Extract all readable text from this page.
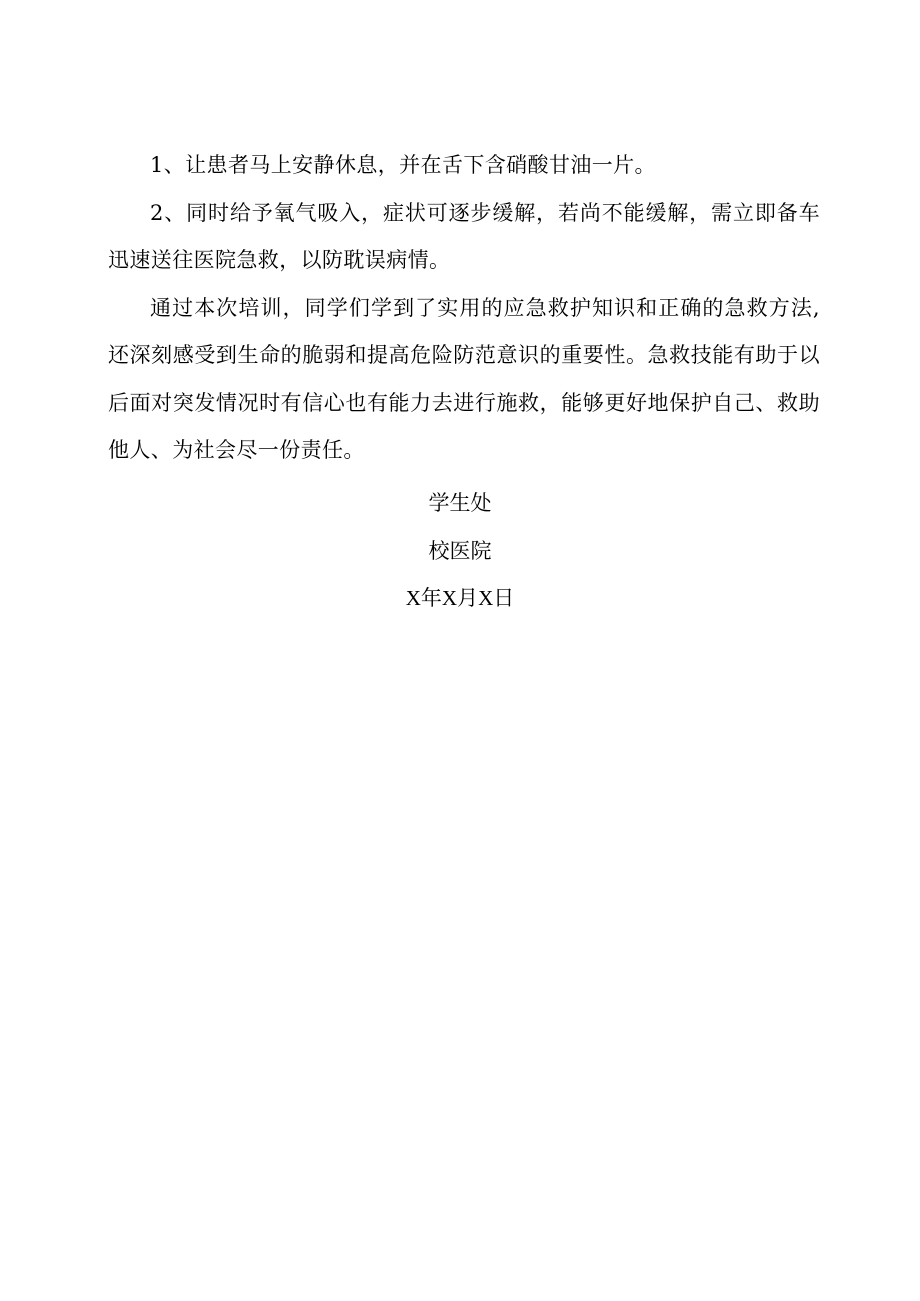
1、让患者马上安静休息，并在舌下含硝酸甘油一片。

2、同时给予氧气吸入，症状可逐步缓解，若尚不能缓解，需立即备车迅速送往医院急救，以防耽误病情。

通过本次培训，同学们学到了实用的应急救护知识和正确的急救方法,还深刻感受到生命的脆弱和提高危险防范意识的重要性。急救技能有助于以后面对突发情况时有信心也有能力去进行施救，能够更好地保护自己、救助他人、为社会尽一份责任。

学生处

校医院

X年X月X日
